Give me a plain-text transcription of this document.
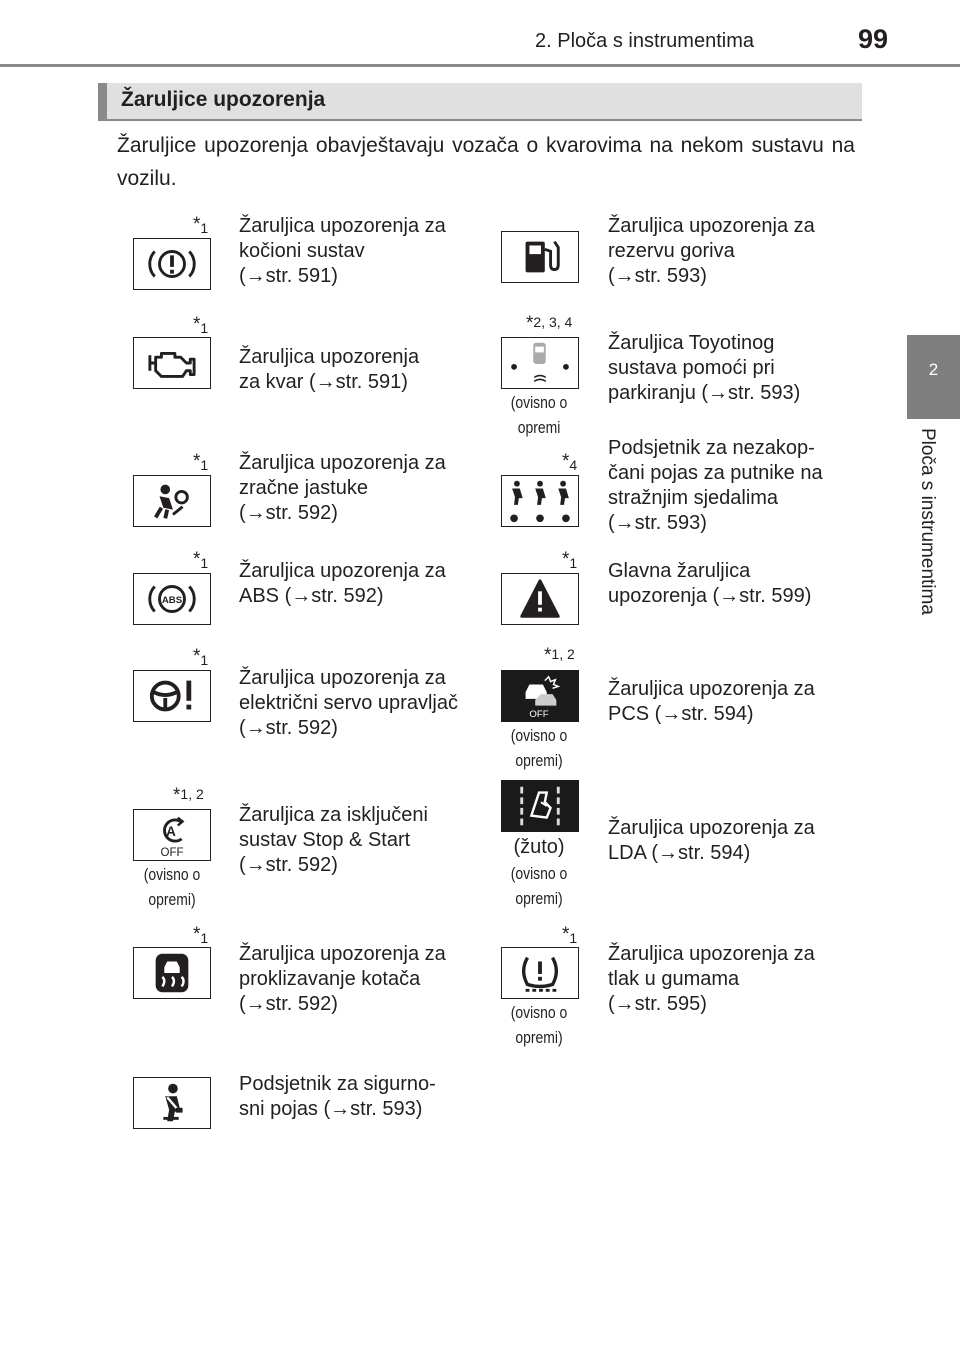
2. Ploča s instrumentima	99
2
Ploča s instrumentima
Žaruljice upozorenja
Žaruljice upozorenja obavještavaju vozača o kvarovima na nekom sustavu na vozilu.
$*_1$ Žaruljica upozorenja za
kočioni sustav
(→str. 591)
$*_1$
Žaruljica upozorenja
za kvar (→str. 591)
$*_1$ Žaruljica upozorenja za
zračne jastuke
(→str. 592)
$*_1$
ABS
Žaruljica upozorenja za
ABS (→str. 592)
$*_1$
Žaruljica upozorenja za
električni servo upravljač
(→str. 592)
$*_{1, 2}$
A
OFF
(ovisno o
opremi)
Žaruljica za isključeni
sustav Stop & Start
(→str. 592)
$*_1$
Žaruljica upozorenja za
proklizavanje kotača
(→str. 592)
Podsjetnik za sigurno-
sni pojas (→str. 593)
Žaruljica upozorenja za
rezervu goriva
(→str. 593)
$*_{2, 3, 4}$
(ovisno o
opremi
Žaruljica Toyotinog
sustava pomoći pri
parkiranju (→str. 593)
$*_4$
Podsjetnik za nezakop-
čani pojas za putnike na
stražnjim sjedalima
(→str. 593)
$*_1$ Glavna žaruljica
upozorenja (→str. 599)
$*_{1, 2}$
OFF
(ovisno o
opremi)
Žaruljica upozorenja za
PCS (→str. 594)
(žuto)
(ovisno o
opremi)
Žaruljica upozorenja za
LDA (→str. 594)
$*_1$
(ovisno o
opremi)
Žaruljica upozorenja za
tlak u gumama
(→str. 595)
